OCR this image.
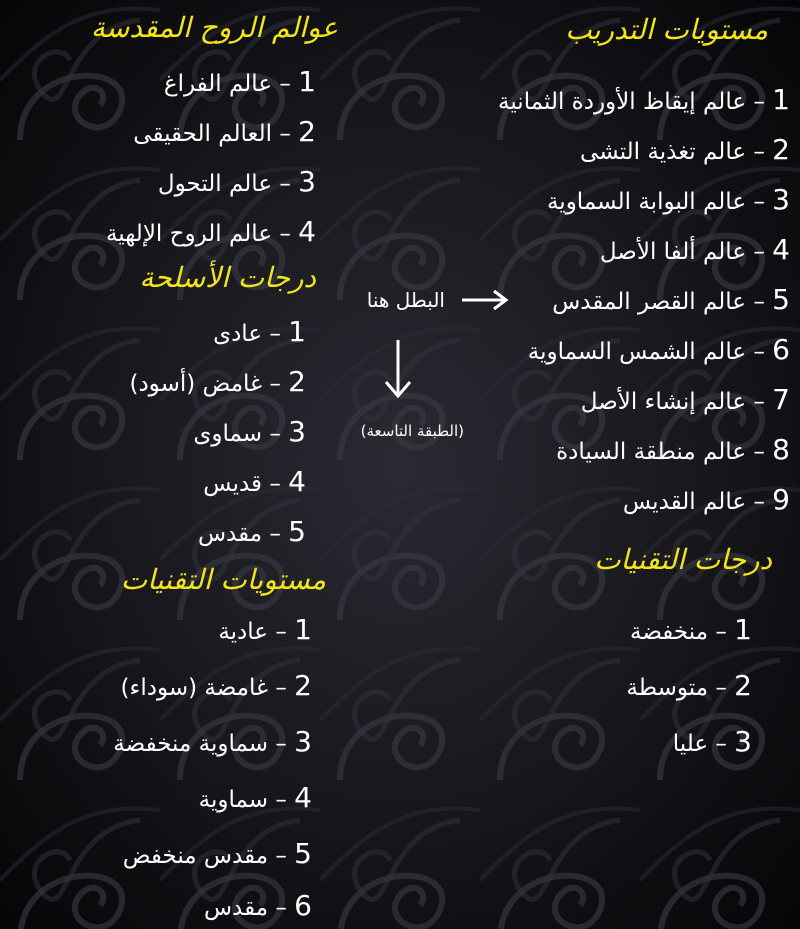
مستويات التدريب
1 – عالم إيقاظ الأوردة الثمانية
2 – عالم تغذية التشى
3 – عالم البوابة السماوية
4 – عالم ألفا الأصل
5 – عالم القصر المقدس
6 – عالم الشمس السماوية
7 – عالم إنشاء الأصل
8 – عالم منطقة السيادة
9 – عالم القديس
درجات التقنيات
1 – منخفضة
2 – متوسطة
3 – عليا
عوالم الروح المقدسة
1 – عالم الفراغ
2 – العالم الحقيقى
3 – عالم التحول
4 – عالم الروح الإلهية
درجات الأسلحة
1 – عادى
2 – غامض (أسود)
3 – سماوى
4 – قديس
5 – مقدس
البطل هنا
(الطبقة التاسعة)
مستويات التقنيات
1 – عادية
2 – غامضة (سوداء)
3 – سماوية منخفضة
4 – سماوية
5 – مقدس منخفض
6 – مقدس
